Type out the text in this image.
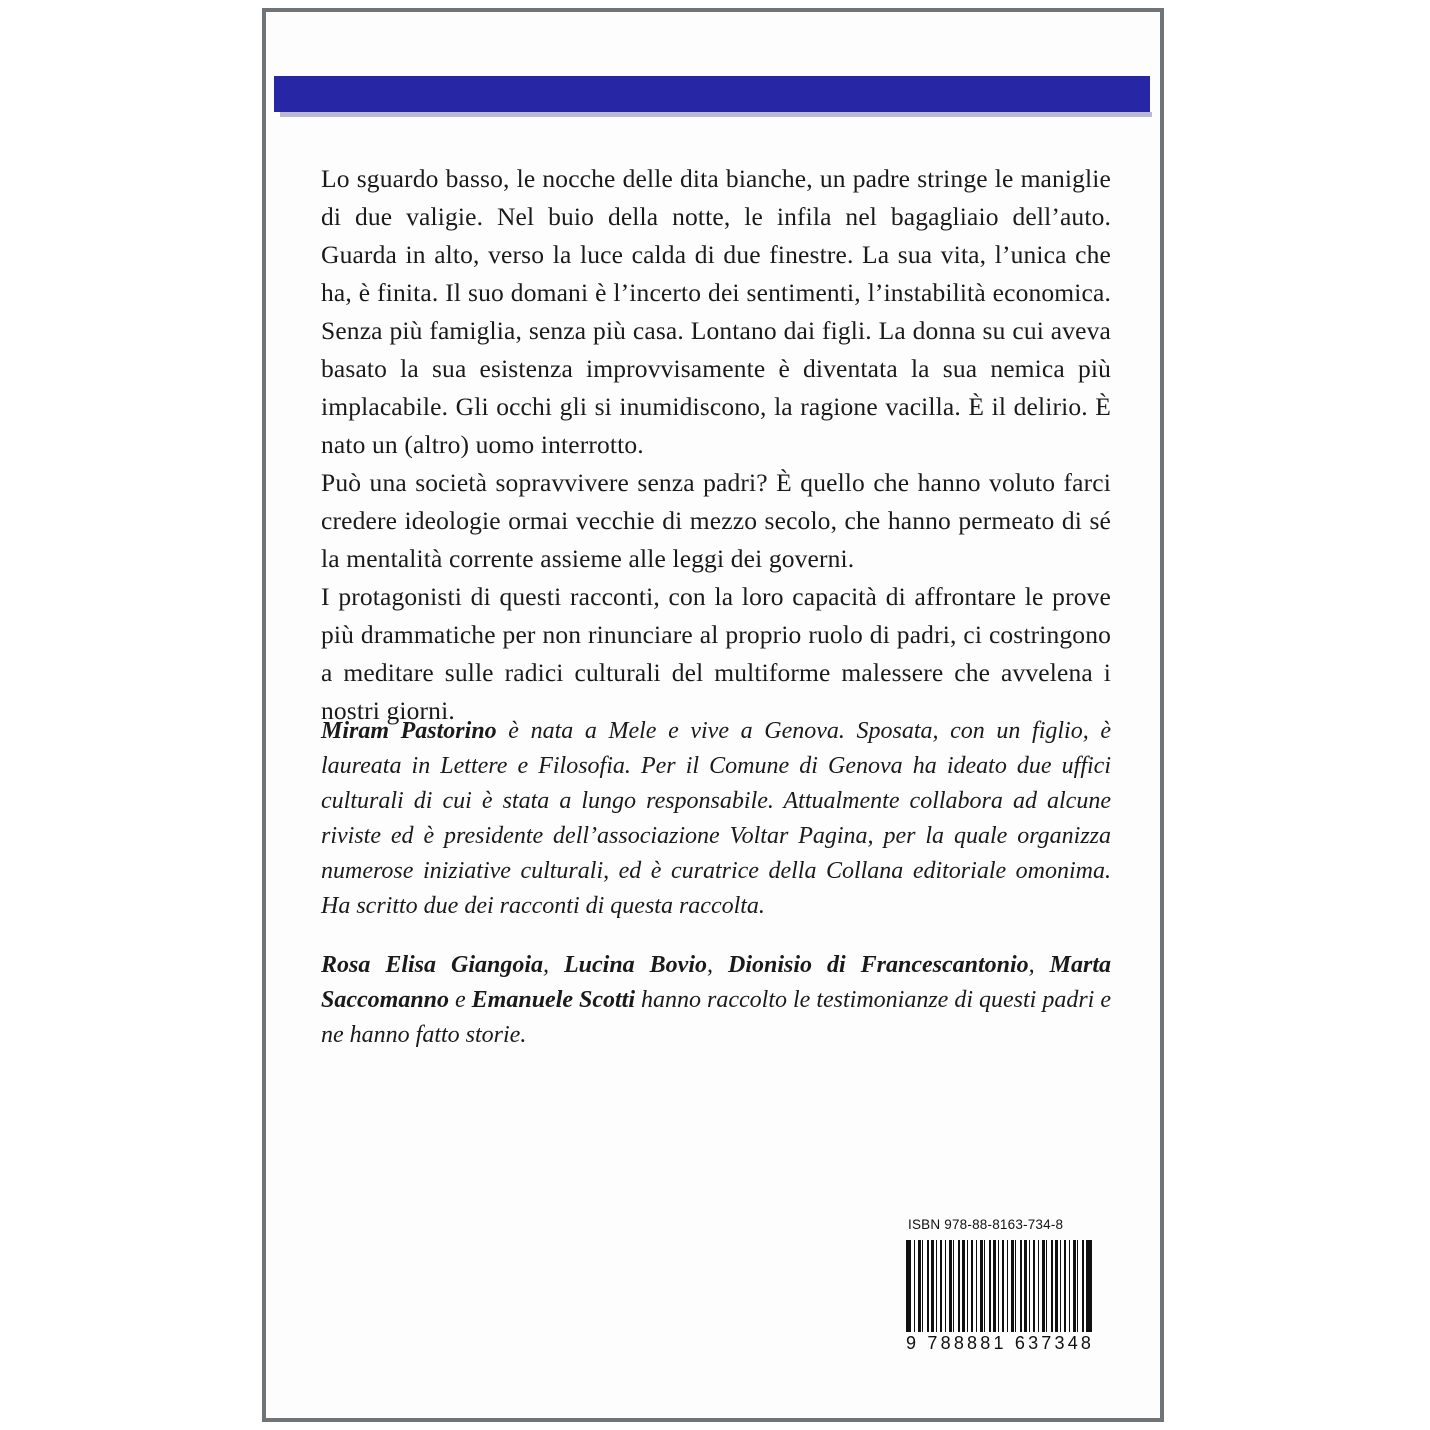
Lo sguardo basso, le nocche delle dita bianche, un padre stringe le maniglie di due valigie. Nel buio della notte, le infila nel bagagliaio dell’auto. Guarda in alto, verso la luce calda di due finestre. La sua vita, l’unica che ha, è finita. Il suo domani è l’incerto dei sentimenti, l’instabilità economica. Senza più famiglia, senza più casa. Lontano dai figli. La donna su cui aveva basato la sua esistenza improvvisamente è diventata la sua nemica più implacabile. Gli occhi gli si inumidiscono, la ragione vacilla. È il delirio. È nato un (altro) uomo interrotto.

Può una società sopravvivere senza padri? È quello che hanno voluto farci credere ideologie ormai vecchie di mezzo secolo, che hanno permeato di sé la mentalità corrente assieme alle leggi dei governi.

I protagonisti di questi racconti, con la loro capacità di affrontare le prove più drammatiche per non rinunciare al proprio ruolo di padri, ci costringono a meditare sulle radici culturali del multiforme malessere che avvelena i nostri giorni.

Miram Pastorino è nata a Mele e vive a Genova. Sposata, con un figlio, è laureata in Lettere e Filosofia. Per il Comune di Genova ha ideato due uffici culturali di cui è stata a lungo responsabile. Attualmente collabora ad alcune riviste ed è presidente dell’associazione Voltar Pagina, per la quale organizza numerose iniziative culturali, ed è curatrice della Collana editoriale omonima. Ha scritto due dei racconti di questa raccolta.

Rosa Elisa Giangoia, Lucina Bovio, Dionisio di Francescantonio, Marta Saccomanno e Emanuele Scotti hanno raccolto le testimonianze di questi padri e ne hanno fatto storie.

ISBN 978-88-8163-734-8
9 788881 637348
